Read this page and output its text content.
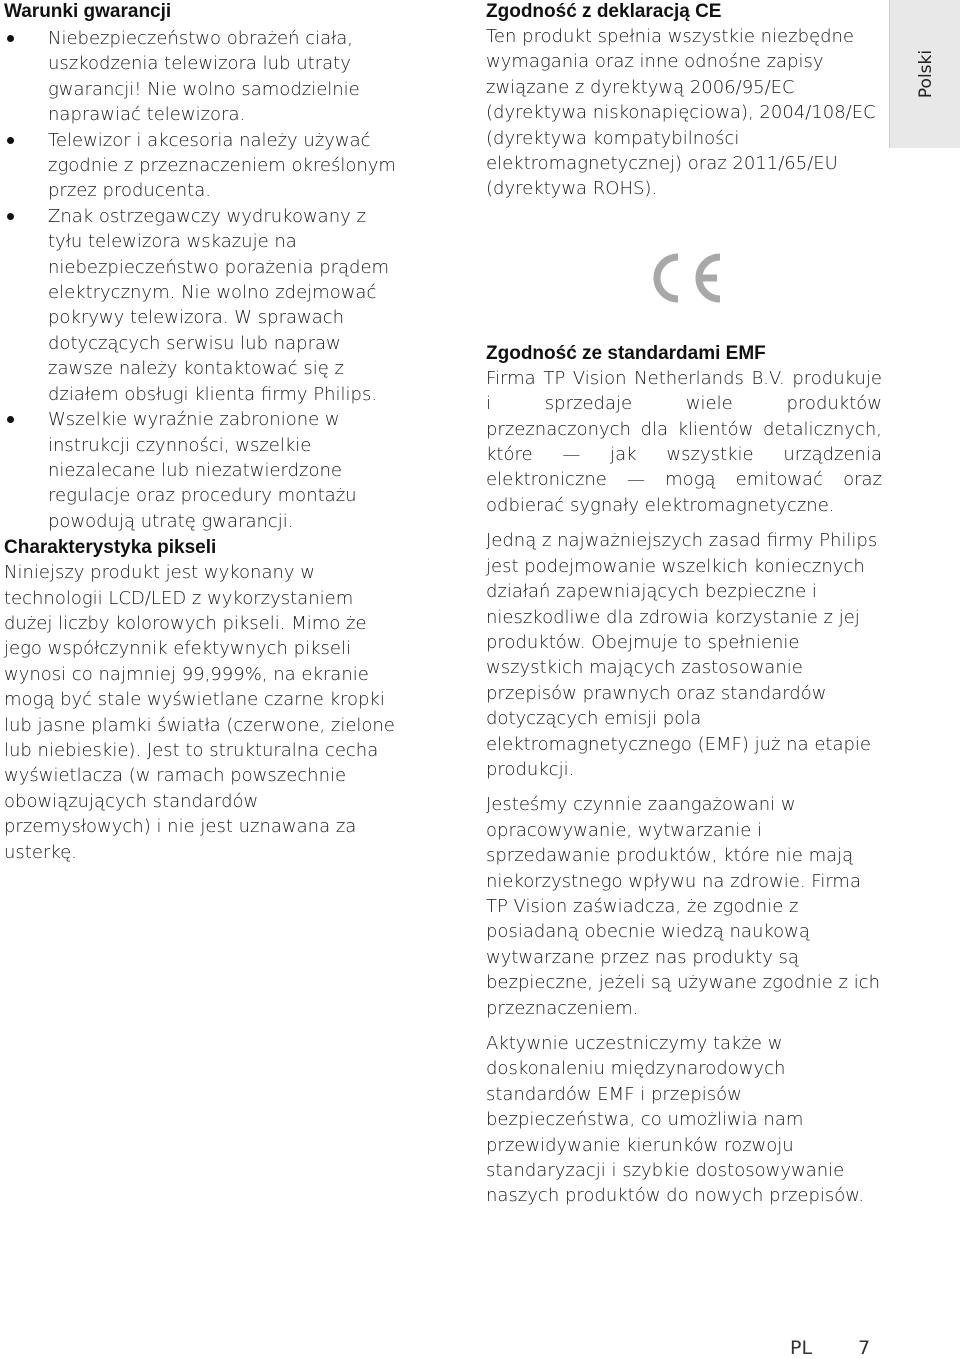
Warunki gwarancji
Niebezpieczeństwo obrażeń ciała, uszkodzenia telewizora lub utraty gwarancji! Nie wolno samodzielnie naprawiać telewizora.
Telewizor i akcesoria należy używać zgodnie z przeznaczeniem określonym przez producenta.
Znak ostrzegawczy wydrukowany z tyłu telewizora wskazuje na niebezpieczeństwo porażenia prądem elektrycznym. Nie wolno zdejmować pokrywy telewizora. W sprawach dotyczących serwisu lub napraw zawsze należy kontaktować się z działem obsługi klienta firmy Philips.
Wszelkie wyraźnie zabronione w instrukcji czynności, wszelkie niezalecane lub niezatwierdzone regulacje oraz procedury montażu powodują utratę gwarancji.
Charakterystyka pikseli

Niniejszy produkt jest wykonany w technologii LCD/LED z wykorzystaniem dużej liczby kolorowych pikseli. Mimo że jego współczynnik efektywnych pikseli wynosi co najmniej 99,999%, na ekranie mogą być stale wyświetlane czarne kropki lub jasne plamki światła (czerwone, zielone lub niebieskie). Jest to strukturalna cecha wyświetlacza (w ramach powszechnie obowiązujących standardów przemysłowych) i nie jest uznawana za usterkę.

Zgodność z deklaracją CE

Ten produkt spełnia wszystkie niezbędne wymagania oraz inne odnośne zapisy związane z dyrektywą 2006/95/EC (dyrektywa niskonapięciowa), 2004/108/EC (dyrektywa kompatybilności elektromagnetycznej) oraz 2011/65/EU (dyrektywa ROHS).

Zgodność ze standardami EMF

Firma TP Vision Netherlands B.V. produkuje i sprzedaje wiele produktów przeznaczonych dla klientów detalicznych, które — jak wszystkie urządzenia elektroniczne — mogą emitować oraz odbierać sygnały elektromagnetyczne.

Jedną z najważniejszych zasad firmy Philips jest podejmowanie wszelkich koniecznych działań zapewniających bezpieczne i nieszkodliwe dla zdrowia korzystanie z jej produktów. Obejmuje to spełnienie wszystkich mających zastosowanie przepisów prawnych oraz standardów dotyczących emisji pola elektromagnetycznego (EMF) już na etapie produkcji.

Jesteśmy czynnie zaangażowani w opracowywanie, wytwarzanie i sprzedawanie produktów, które nie mają niekorzystnego wpływu na zdrowie. Firma TP Vision zaświadcza, że zgodnie z posiadaną obecnie wiedzą naukową wytwarzane przez nas produkty są bezpieczne, jeżeli są używane zgodnie z ich przeznaczeniem.

Aktywnie uczestniczymy także w doskonaleniu międzynarodowych standardów EMF i przepisów bezpieczeństwa, co umożliwia nam przewidywanie kierunków rozwoju standaryzacji i szybkie dostosowywanie naszych produktów do nowych przepisów.

Polski
PL 7
